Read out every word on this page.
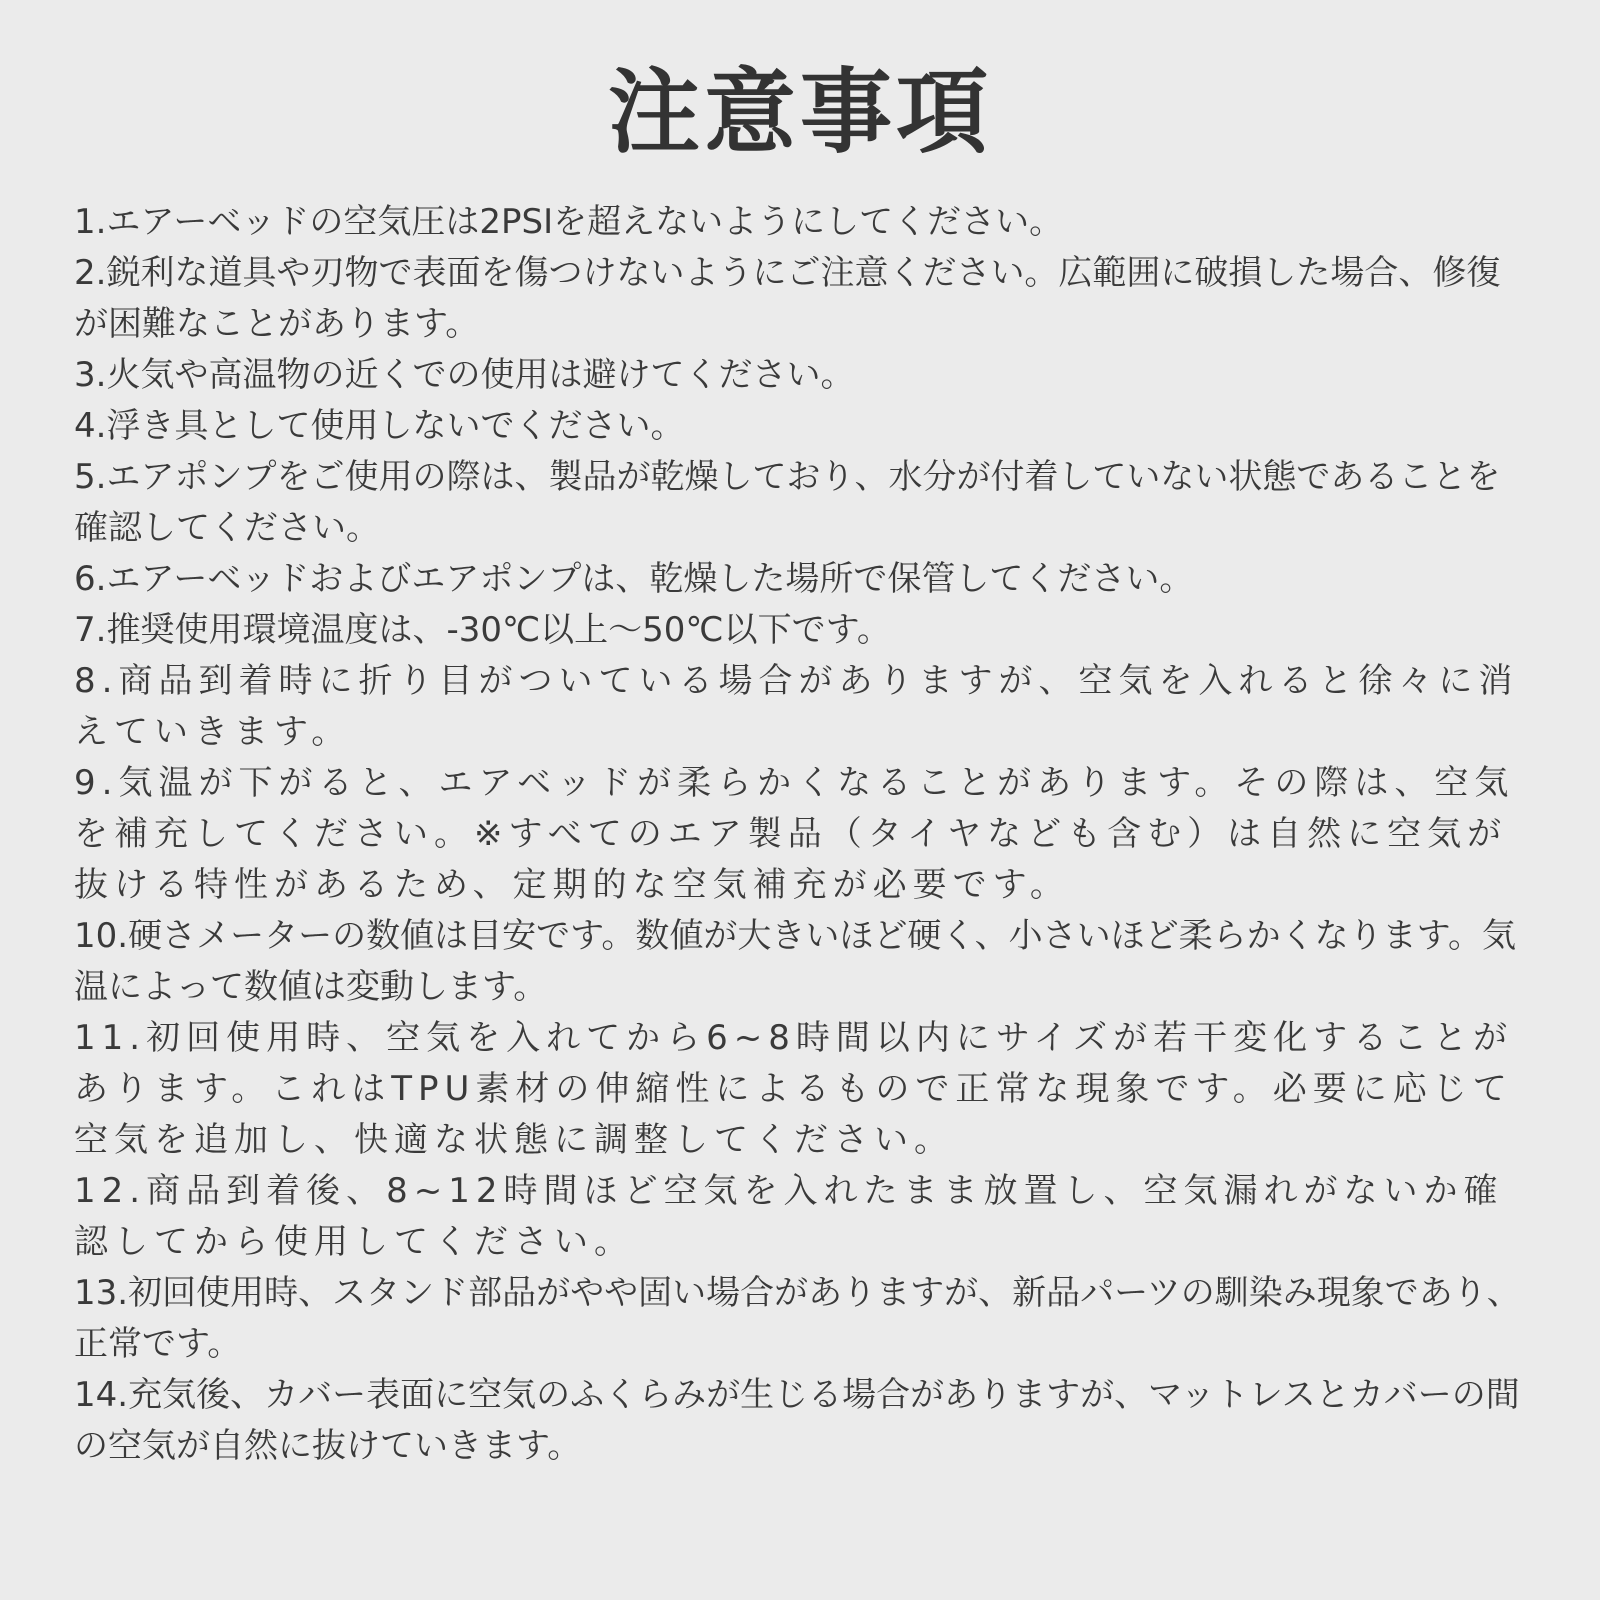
注意事項
1.エアーベッドの空気圧は2PSIを超えないようにしてください。
2.鋭利な道具や刃物で表面を傷つけないようにご注意ください。広範囲に破損した場合、修復が困難なことがあります。
3.火気や高温物の近くでの使用は避けてください。
4.浮き具として使用しないでください。
5.エアポンプをご使用の際は、製品が乾燥しており、水分が付着していない状態であることを確認してください。
6.エアーベッドおよびエアポンプは、乾燥した場所で保管してください。
7.推奨使用環境温度は、-30℃以上～50℃以下です。
8.商品到着時に折り目がついている場合がありますが、空気を入れると徐々に消えていきます。
9.気温が下がると、エアベッドが柔らかくなることがあります。その際は、空気を補充してください。※すべてのエア製品（タイヤなども含む）は自然に空気が抜ける特性があるため、定期的な空気補充が必要です。
10.硬さメーターの数値は目安です。数値が大きいほど硬く、小さいほど柔らかくなります。気温によって数値は変動します。
11.初回使用時、空気を入れてから6~8時間以内にサイズが若干変化することがあります。これはTPU素材の伸縮性によるもので正常な現象です。必要に応じて空気を追加し、快適な状態に調整してください。
12.商品到着後、8~12時間ほど空気を入れたまま放置し、空気漏れがないか確認してから使用してください。
13.初回使用時、スタンド部品がやや固い場合がありますが、新品パーツの馴染み現象であり、正常です。
14.充気後、カバー表面に空気のふくらみが生じる場合がありますが、マットレスとカバーの間の空気が自然に抜けていきます。
